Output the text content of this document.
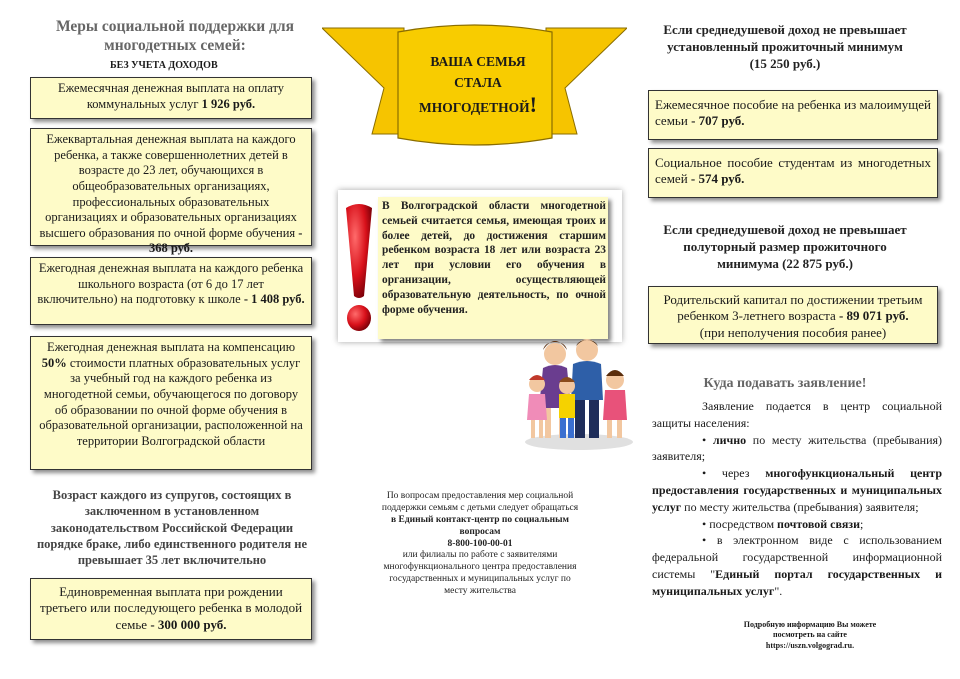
Меры социальной поддержки для многодетных семей:
БЕЗ УЧЕТА ДОХОДОВ
Ежемесячная денежная выплата на оплату коммунальных услуг 1 926 руб.
Ежеквартальная денежная выплата на каждого ребенка, а также совершеннолетних детей в возрасте до 23 лет, обучающихся в общеобразовательных организациях, профессиональных образовательных организациях и образовательных организациях высшего образования по очной форме обучения - 368 руб.
Ежегодная денежная выплата на каждого ребенка школьного возраста (от 6 до 17 лет включительно) на подготовку к школе - 1 408 руб.
Ежегодная денежная выплата на компенсацию 50% стоимости платных образовательных услуг за учебный год на каждого ребенка из многодетной семьи, обучающегося по договору об образовании по очной форме обучения в образовательной организации, расположенной на территории Волгоградской области
Возраст каждого из супругов, состоящих в заключенном в установленном законодательством Российской Федерации порядке браке, либо единственного родителя не превышает 35 лет включительно
Единовременная выплата при рождении третьего или последующего ребенка в молодой семье - 300 000 руб.
ВАША СЕМЬЯ
СТАЛА
МНОГОДЕТНОЙ!
В Волгоградской области многодетной семьей считается семья, имеющая троих и более детей, до достижения старшим ребенком возраста 18 лет или возраста 23 лет при условии его обучения в организации, осуществляющей образовательную деятельность, по очной форме обучения.
По вопросам предоставления мер социальной поддержки семьям с детьми следует обращаться
в Единый контакт-центр по социальным вопросам
8-800-100-00-01
или филиалы по работе с заявителями многофункционального центра предоставления государственных и муниципальных услуг по месту жительства
Если среднедушевой доход не превышает установленный прожиточный минимум (15 250 руб.)
Ежемесячное пособие на ребенка из малоимущей семьи - 707 руб.
Социальное пособие студентам из многодетных семей - 574 руб.
Если среднедушевой доход не превышает полуторный размер прожиточного минимума (22 875 руб.)
Родительский капитал по достижении третьим ребенком 3-летнего возраста - 89 071 руб.
(при неполучения пособия ранее)
Куда подавать заявление!
Заявление подается в центр социальной защиты населения:
• лично по месту жительства (пребывания) заявителя;
• через многофункциональный центр предоставления государственных и муниципальных услуг по месту жительства (пребывания) заявителя;
• посредством почтовой связи;
• в электронном виде с использованием федеральной государственной информационной системы "Единый портал государственных и муниципальных услуг".
Подробную информацию Вы можете посмотреть на сайте
https://uszn.volgograd.ru.
